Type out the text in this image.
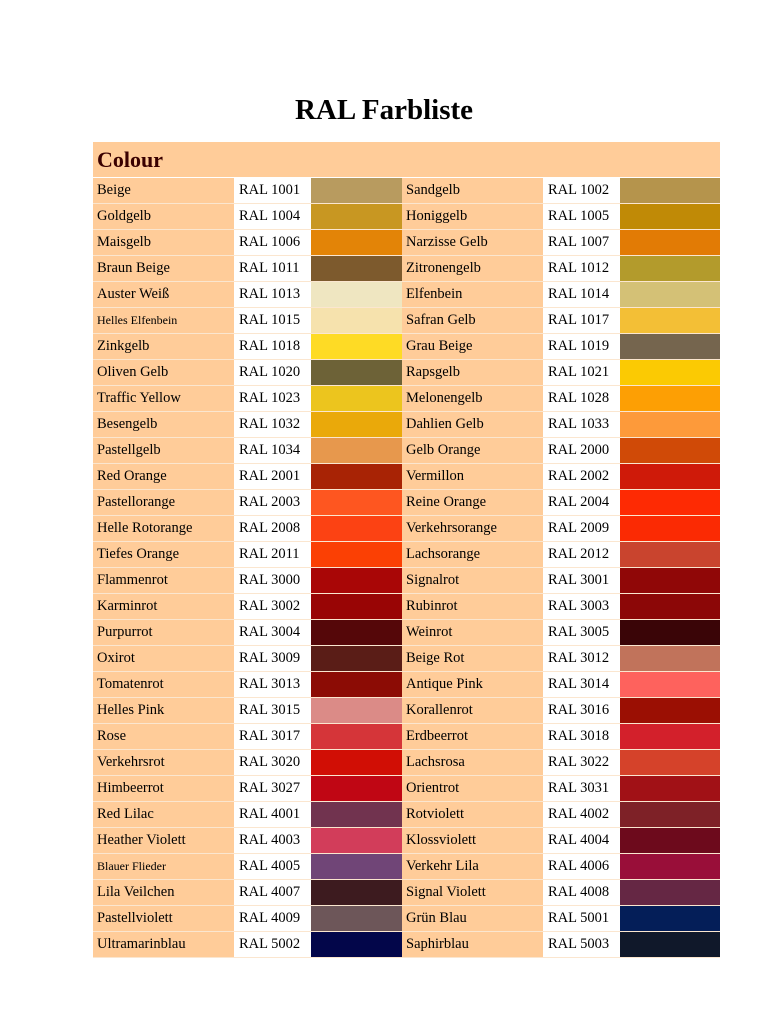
RAL Farbliste
Colour
Beige	RAL 1001	Sandgelb	RAL 1002
Goldgelb	RAL 1004	Honiggelb	RAL 1005
Maisgelb	RAL 1006	Narzisse Gelb	RAL 1007
Braun Beige	RAL 1011	Zitronengelb	RAL 1012
Auster Weiß	RAL 1013	Elfenbein	RAL 1014
Helles Elfenbein	RAL 1015	Safran Gelb	RAL 1017
Zinkgelb	RAL 1018	Grau Beige	RAL 1019
Oliven Gelb	RAL 1020	Rapsgelb	RAL 1021
Traffic Yellow	RAL 1023	Melonengelb	RAL 1028
Besengelb	RAL 1032	Dahlien Gelb	RAL 1033
Pastellgelb	RAL 1034	Gelb Orange	RAL 2000
Red Orange	RAL 2001	Vermillon	RAL 2002
Pastellorange	RAL 2003	Reine Orange	RAL 2004
Helle Rotorange	RAL 2008	Verkehrsorange	RAL 2009
Tiefes Orange	RAL 2011	Lachsorange	RAL 2012
Flammenrot	RAL 3000	Signalrot	RAL 3001
Karminrot	RAL 3002	Rubinrot	RAL 3003
Purpurrot	RAL 3004	Weinrot	RAL 3005
Oxirot	RAL 3009	Beige Rot	RAL 3012
Tomatenrot	RAL 3013	Antique Pink	RAL 3014
Helles Pink	RAL 3015	Korallenrot	RAL 3016
Rose	RAL 3017	Erdbeerrot	RAL 3018
Verkehrsrot	RAL 3020	Lachsrosa	RAL 3022
Himbeerrot	RAL 3027	Orientrot	RAL 3031
Red Lilac	RAL 4001	Rotviolett	RAL 4002
Heather Violett	RAL 4003	Klossviolett	RAL 4004
Blauer Flieder	RAL 4005	Verkehr Lila	RAL 4006
Lila Veilchen	RAL 4007	Signal Violett	RAL 4008
Pastellviolett	RAL 4009	Grün Blau	RAL 5001
Ultramarinblau	RAL 5002	Saphirblau	RAL 5003
